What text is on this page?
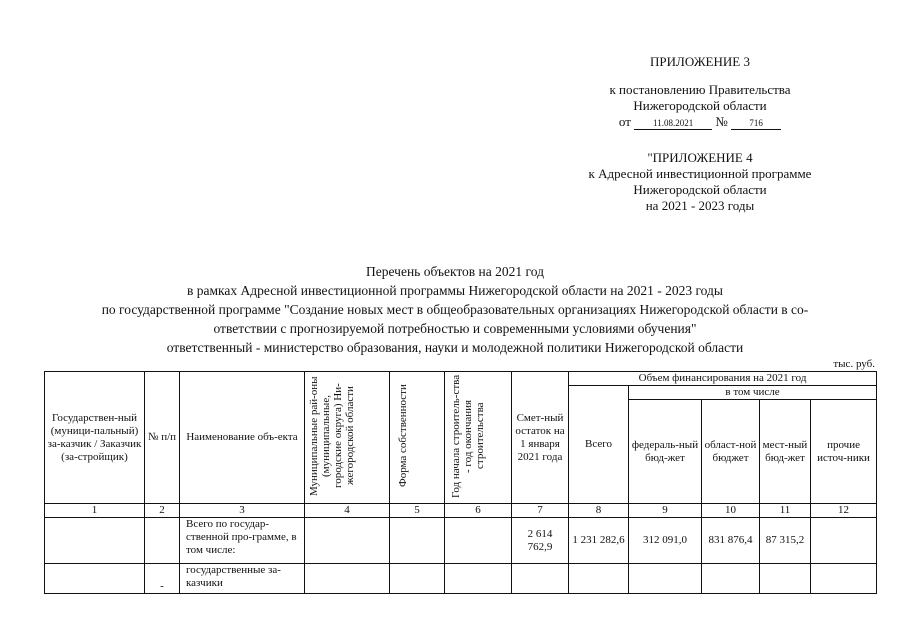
ПРИЛОЖЕНИЕ 3
к постановлению Правительства
Нижегородской области
от 11.08.2021 № 716
"ПРИЛОЖЕНИЕ 4
к Адресной инвестиционной программе
Нижегородской области
на 2021 - 2023 годы
Перечень объектов на 2021 год
в рамках Адресной инвестиционной программы Нижегородской области на 2021 - 2023 годы
по государственной программе "Создание новых мест в общеобразовательных организациях Нижегородской области в со-
ответствии с прогнозируемой потребностью и современными условиями обучения"
ответственный - министерство образования, науки и молодежной политики Нижегородской области
тыс. руб.
Государствен-ный (муници-пальный) за-казчик / Заказчик (за-стройщик)	№ п/п	Наименование объ-екта	Муниципальные рай-оны (муниципальные, городские округа) Ни-жегородской области	Форма собственности	Год начала строитель-ства - год окончания строительства	Смет-ный остаток на 1 января 2021 года	Объем финансирования на 2021 год				
							Всего	в том числе			
								федераль-ный бюд-жет	област-ной бюджет	мест-ный бюд-жет	прочие источ-ники
1	2	3	4	5	6	7	8	9	10	11	12
		Всего по государ-ственной про-грамме, в том числе:				2 614 762,9	1 231 282,6	312 091,0	831 876,4	87 315,2	
	-	государственные за-казчики									
